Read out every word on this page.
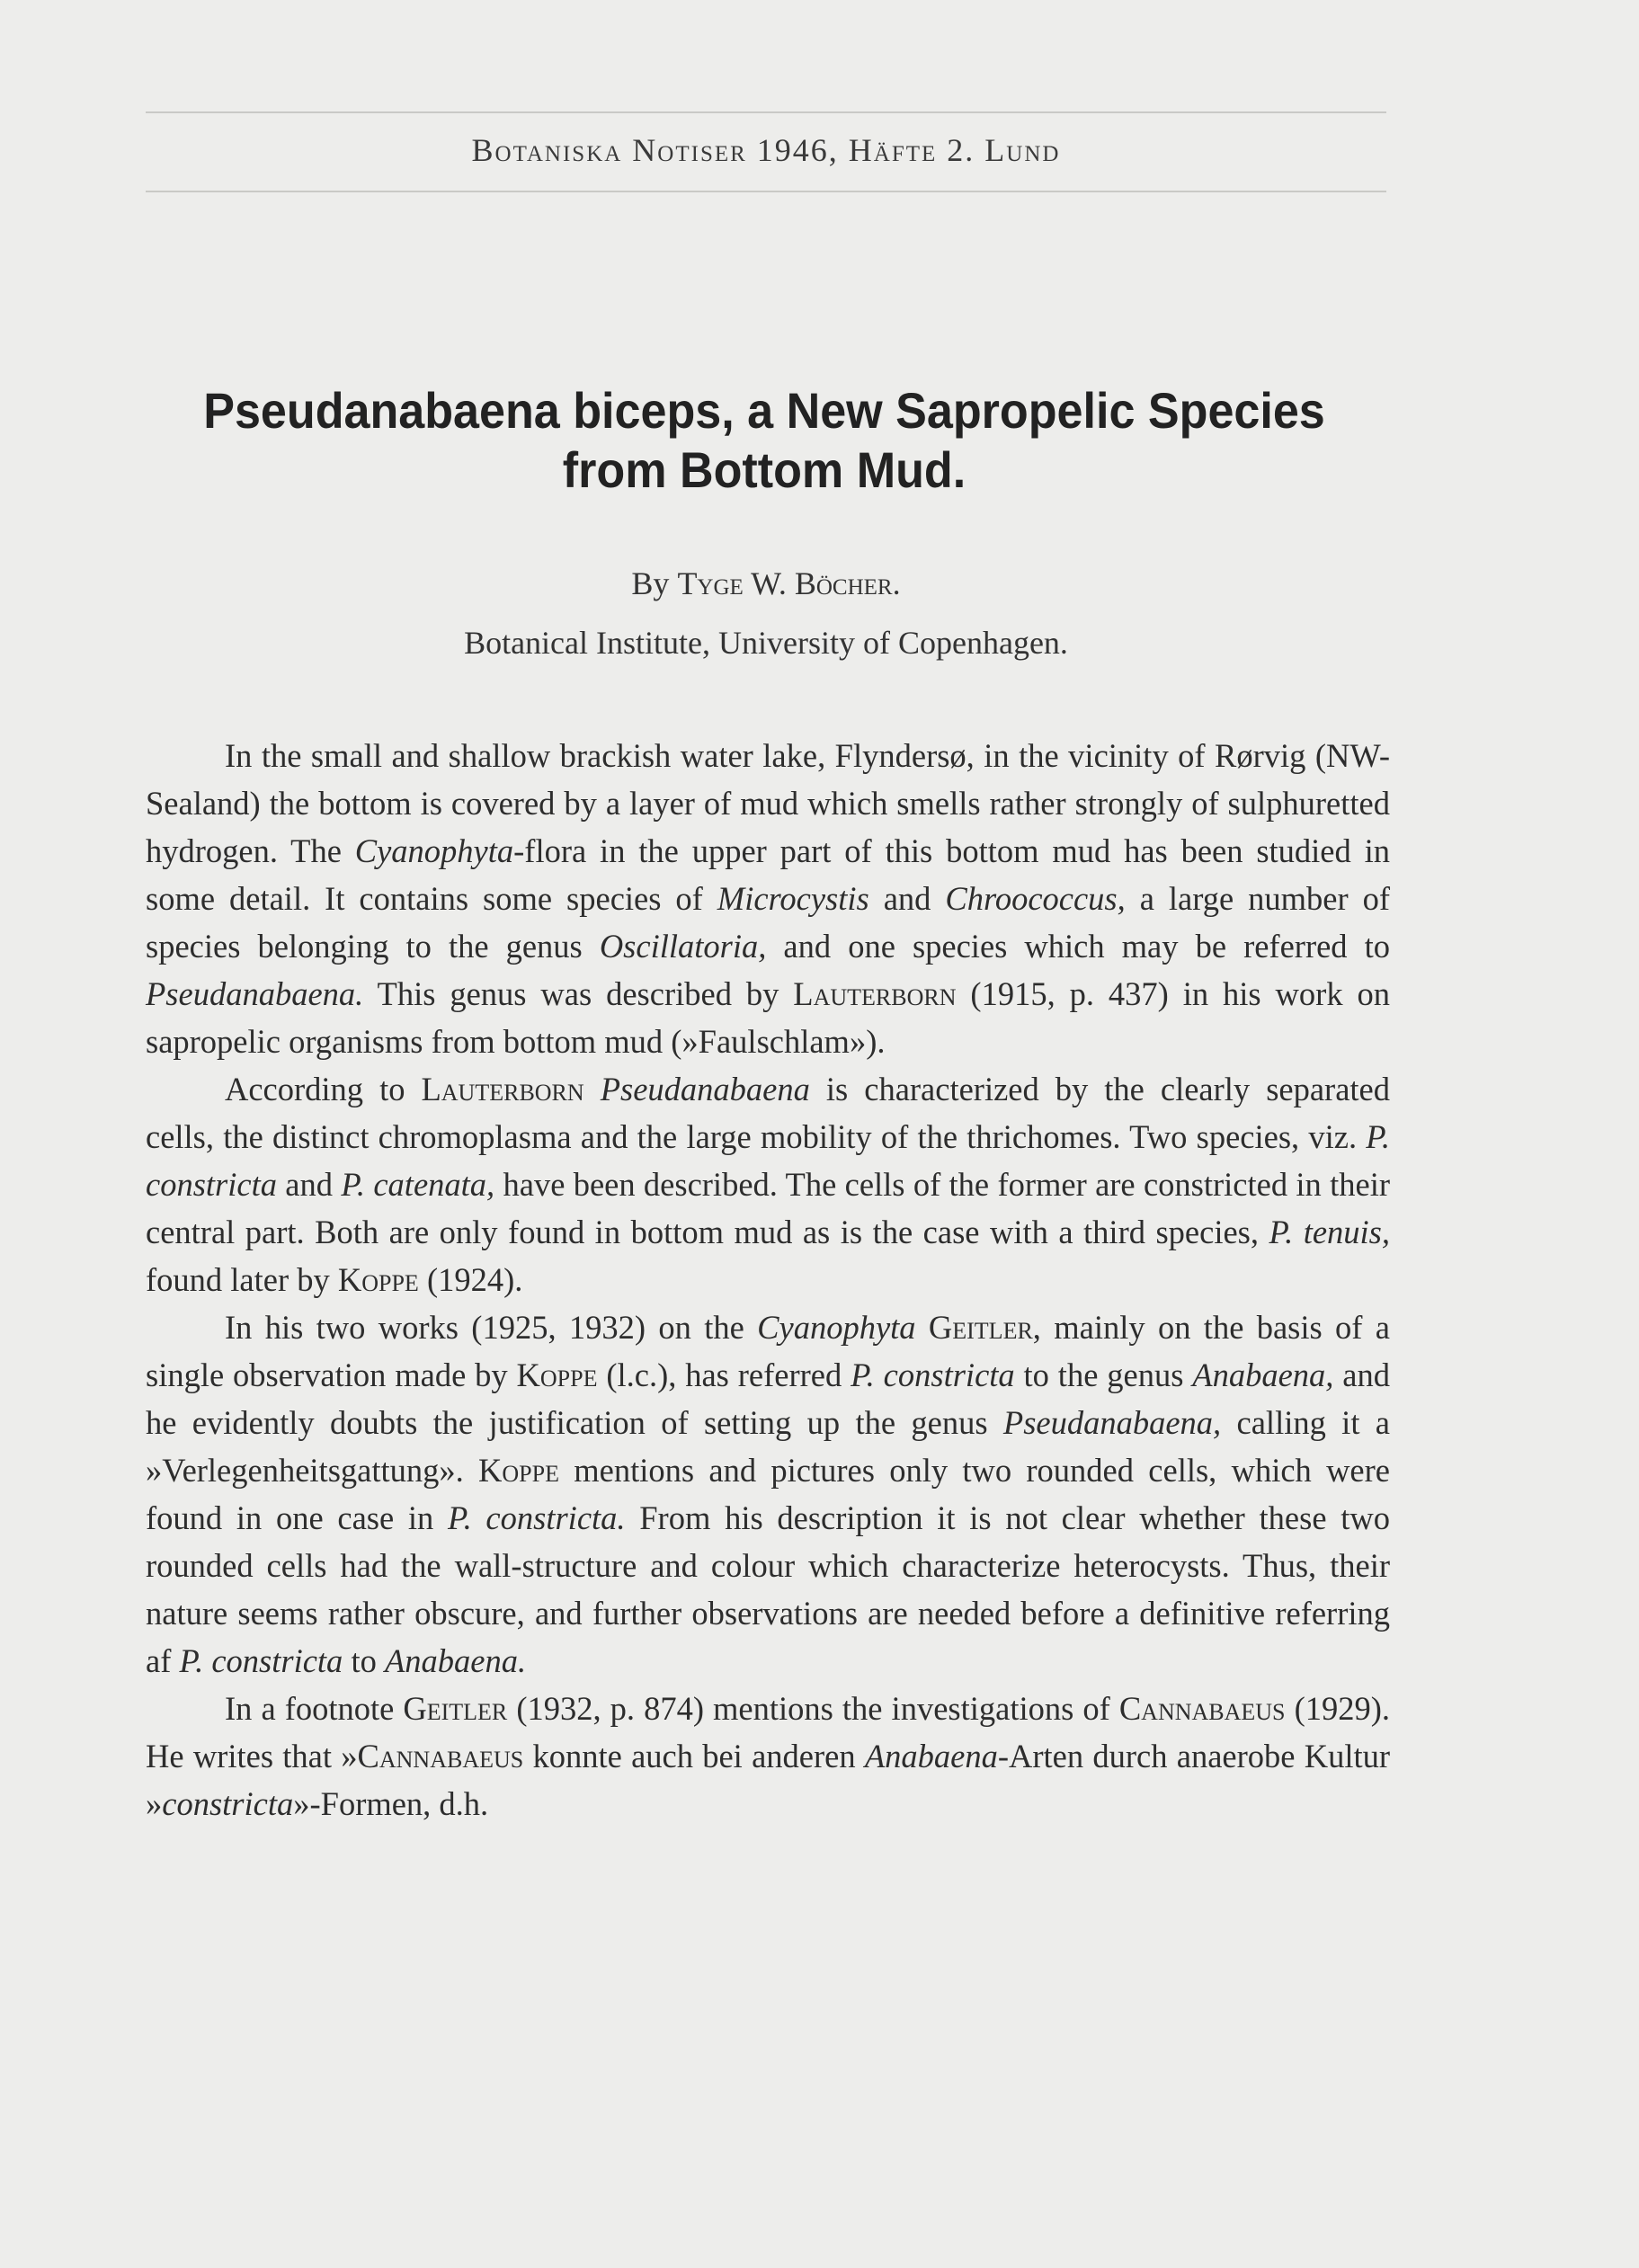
Botaniska Notiser 1946, Häfte 2. Lund
Pseudanabaena biceps, a New Sapropelic Species
from Bottom Mud.
By Tyge W. Böcher.
Botanical Institute, University of Copenhagen.

In the small and shallow brackish water lake, Flyndersø, in the vicinity of Rørvig (NW-Sealand) the bottom is covered by a layer of mud which smells rather strongly of sulphuretted hydrogen. The Cyanophyta-flora in the upper part of this bottom mud has been studied in some detail. It contains some species of Microcystis and Chroococcus, a large number of species belonging to the genus Oscillatoria, and one species which may be referred to Pseudanabaena. This genus was described by Lauterborn (1915, p. 437) in his work on sapropelic organisms from bottom mud (»Faulschlam»).

According to Lauterborn Pseudanabaena is characterized by the clearly separated cells, the distinct chromoplasma and the large mobility of the thrichomes. Two species, viz. P. constricta and P. catenata, have been described. The cells of the former are constricted in their central part. Both are only found in bottom mud as is the case with a third species, P. tenuis, found later by Koppe (1924).

In his two works (1925, 1932) on the Cyanophyta Geitler, mainly on the basis of a single observation made by Koppe (l.c.), has referred P. constricta to the genus Anabaena, and he evidently doubts the justification of setting up the genus Pseudanabaena, calling it a »Verlegenheitsgattung». Koppe mentions and pictures only two rounded cells, which were found in one case in P. constricta. From his description it is not clear whether these two rounded cells had the wall-structure and colour which characterize heterocysts. Thus, their nature seems rather obscure, and further observations are needed before a definitive referring af P. constricta to Anabaena.

In a footnote Geitler (1932, p. 874) mentions the investigations of Cannabaeus (1929). He writes that »Cannabaeus konnte auch bei anderen Anabaena-Arten durch anaerobe Kultur »constricta»-Formen, d.h.
